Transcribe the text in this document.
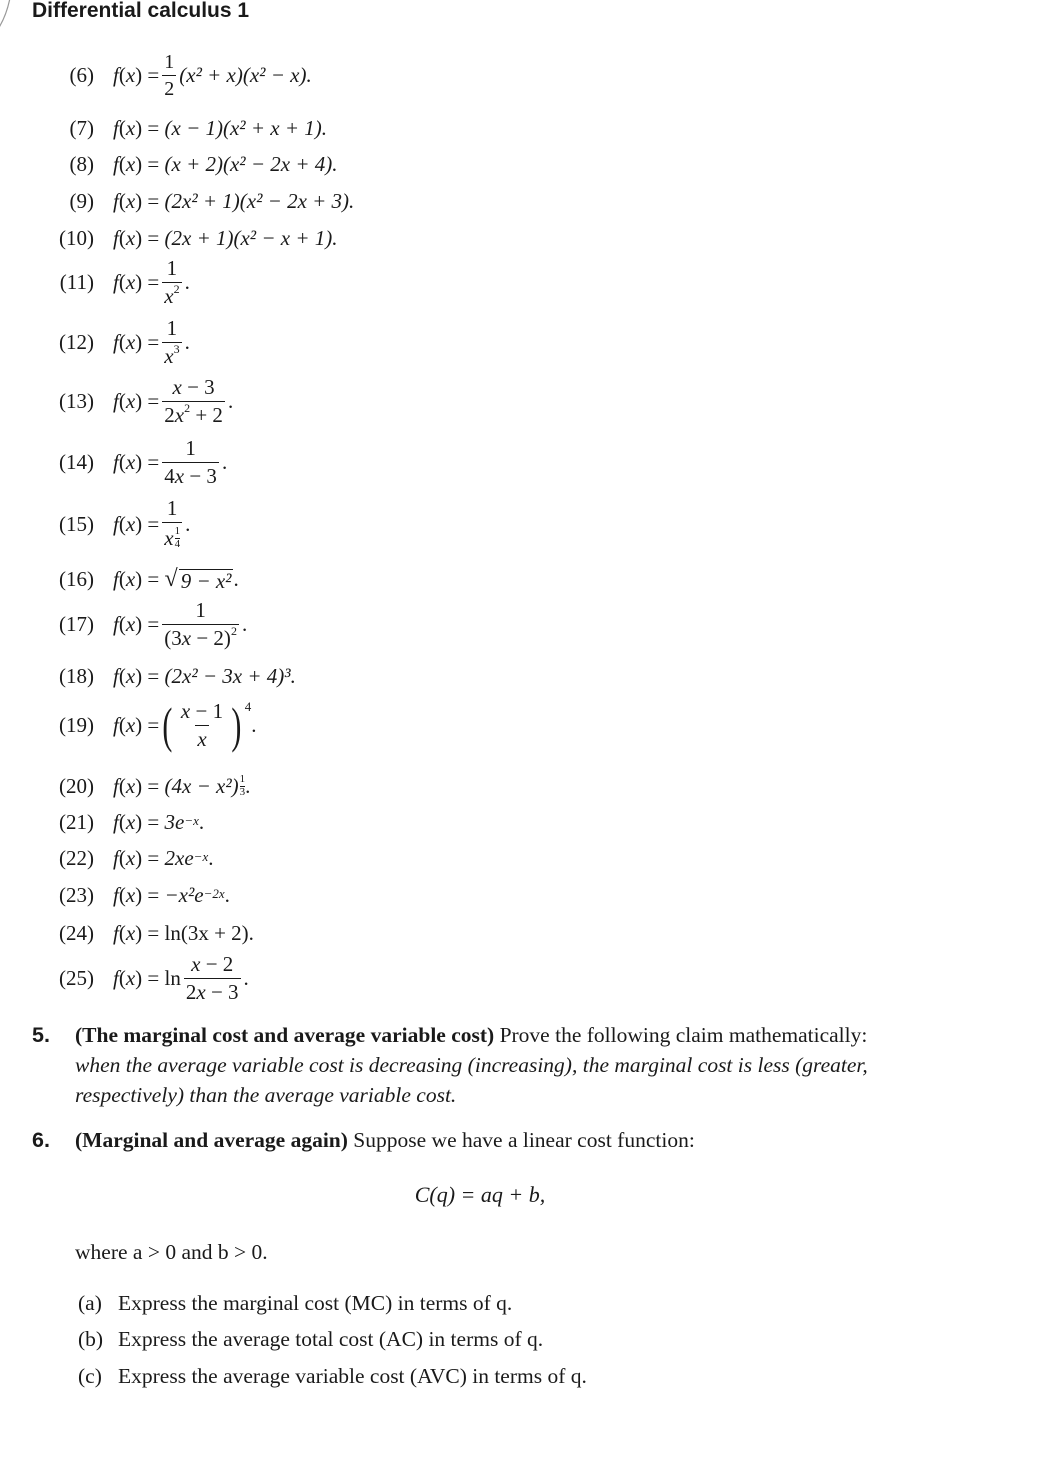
Differential calculus 1
(6) f ( x ) = $\frac{1}{2} (x^2 + x)(x^2 - x)$.
(7) f ( x ) = (x − 1)(x² + x + 1).
(8) f ( x ) = (x + 2)(x² − 2x + 4).
(9) f ( x ) = (2x² + 1)(x² − 2x + 3).
(10) f ( x ) = (2x + 1)(x² − x + 1).
(11) f ( x ) = $\frac{1}{x^2}$ .
(12) f ( x ) = $\frac{1}{x^3}$ .
(13) f ( x ) = $\frac{x - 3}{2x^2 + 2}$ .
(14) f ( x ) = $\frac{1}{4x - 3}$ .
(15) f ( x ) = $\frac{1}{x \frac{1}{4}}$ .
(16) f ( x ) = √ 9 − x² .
(17) f ( x ) = $\frac{1}{(3x - 2)^2}$ .
(18) f ( x ) = (2x² − 3x + 4)³.
(19) f ( x ) = ( $\frac{x - 1}{x}$ ) $^4$
.
(20) f ( x ) = $(4x - x^2) \frac{1}{3}$ .
(21) f ( x ) = $3e^{-x}$ .
(22) f ( x ) = $2xe^{-x}$ .
(23) f ( x ) = $-x^2e^{-2x}$ .
(24) f ( x ) = ln(3x + 2).
(25) f ( x ) = $\ln \frac{x - 2}{2x - 3}$ .
5. (The marginal cost and average variable cost) Prove the following claim mathematically: when the average variable cost is decreasing (increasing), the marginal cost is less (greater, respectively) than the average variable cost.
6. (Marginal and average again) Suppose we have a linear cost function:
C(q) = aq + b,
where a > 0 and b > 0.
(a) Express the marginal cost (MC) in terms of q.
(b) Express the average total cost (AC) in terms of q.
(c) Express the average variable cost (AVC) in terms of q.
